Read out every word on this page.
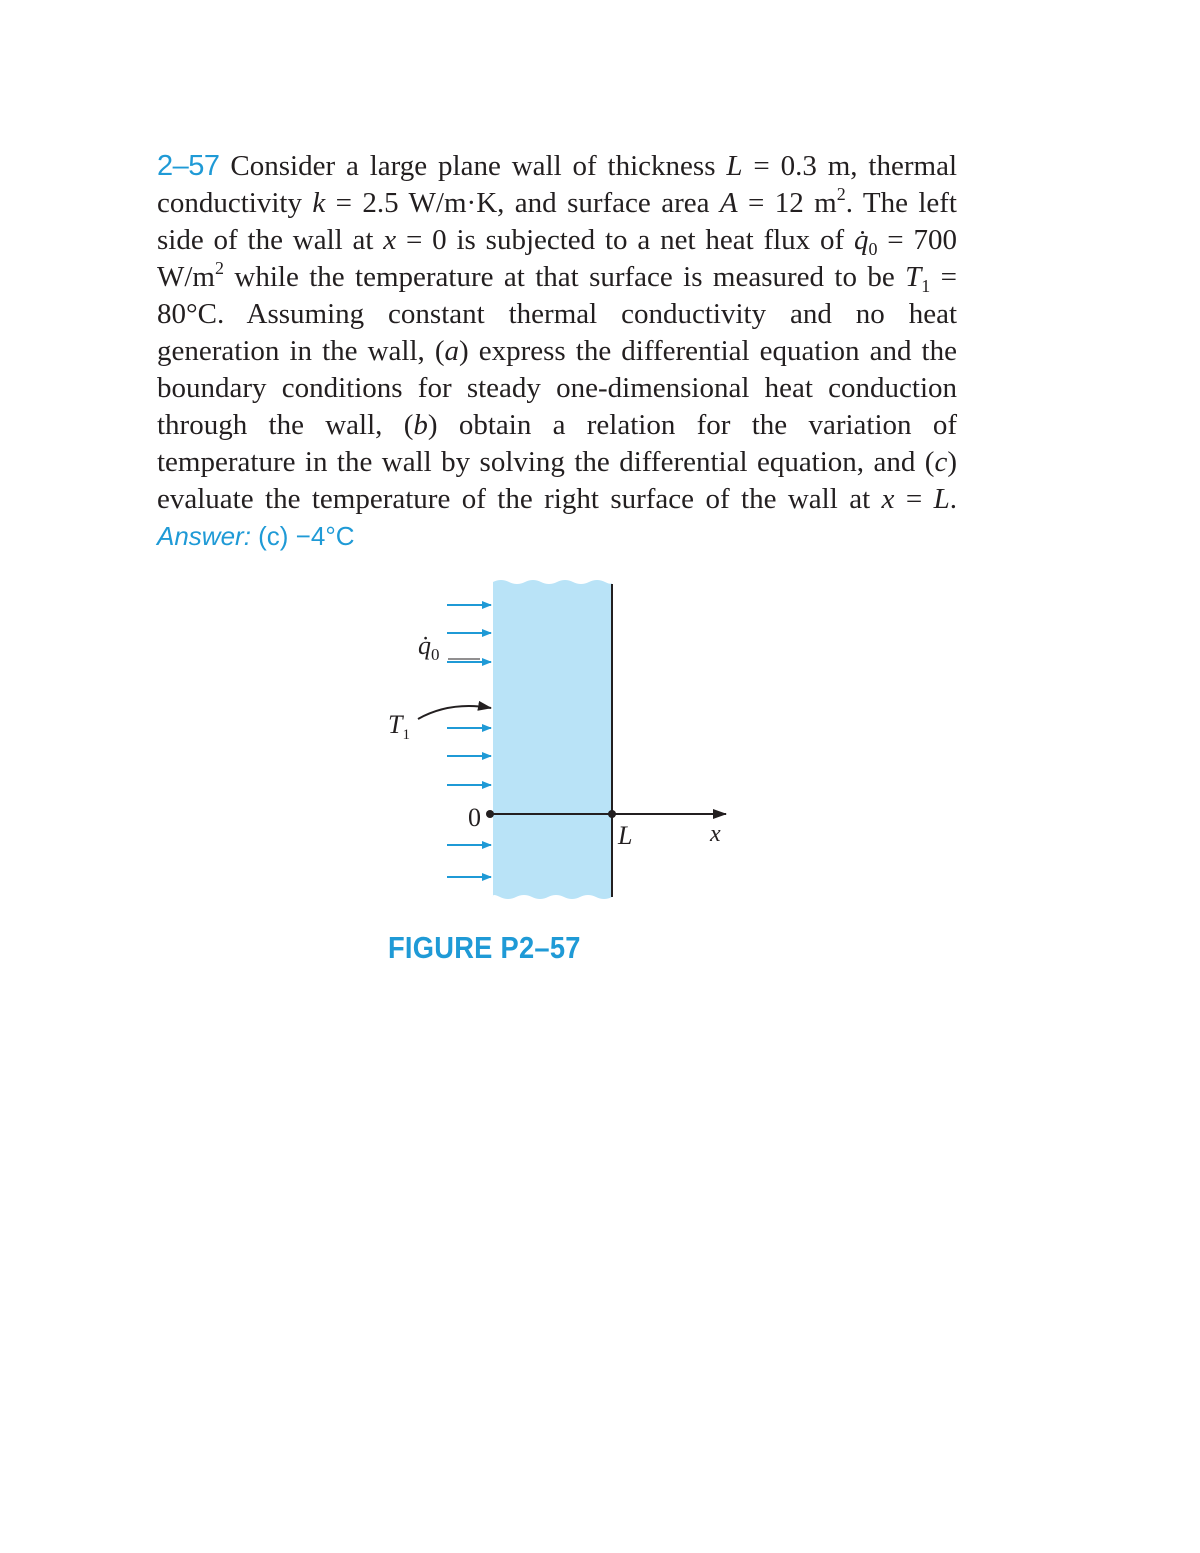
2–57 Consider a large plane wall of thickness L = 0.3 m, thermal conductivity k = 2.5 W/m·K, and surface area A = 12 $m^2$. The left side of the wall at x = 0 is subjected to a net heat flux of $q̇_0 = 700$ $W/m^2$ while the temperature at that surface is measured to be $T_1 = 80^\circ C$. Assuming constant thermal conductivity and no heat generation in the wall, (a) express the differential equation and the boundary conditions for steady one-dimensional heat conduction through the wall, (b) obtain a relation for the variation of temperature in the wall by solving the differential equation, and (c) evaluate the temperature of the right surface of the wall at x = L. Answer: (c) −4°C
$q̇_0$
$T_1$
0
L	x
FIGURE P2–57
